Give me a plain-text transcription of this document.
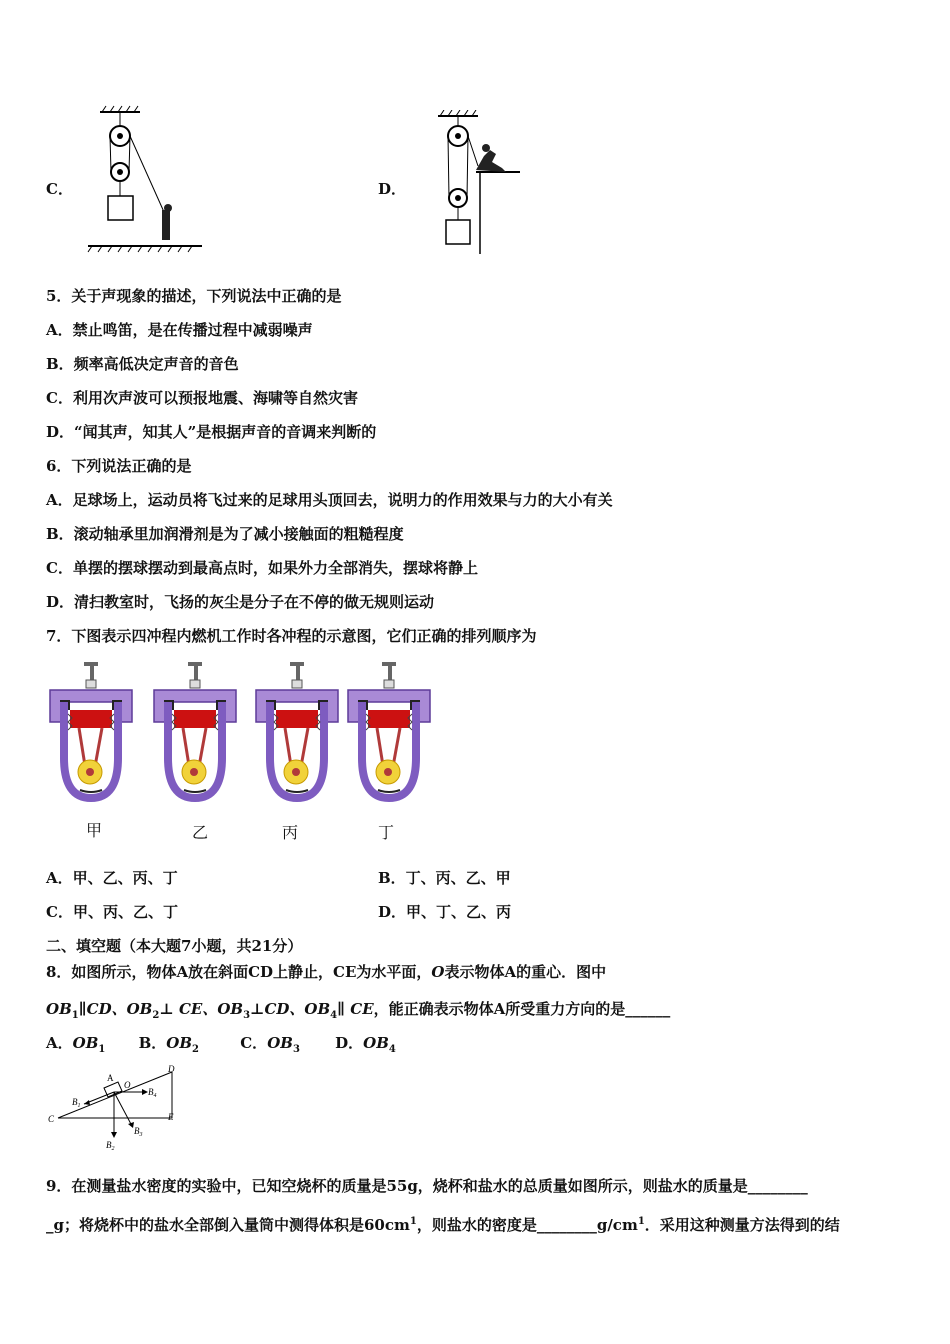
C．	D．
5．关于声现象的描述，下列说法中正确的是
A．禁止鸣笛，是在传播过程中减弱噪声
B．频率高低决定声音的音色
C．利用次声波可以预报地震、海啸等自然灾害
D．“闻其声，知其人”是根据声音的音调来判断的
6．下列说法正确的是
A．足球场上，运动员将飞过来的足球用头顶回去，说明力的作用效果与力的大小有关
B．滚动轴承里加润滑剂是为了减小接触面的粗糙程度
C．单摆的摆球摆动到最高点时，如果外力全部消失，摆球将静上
D．清扫教室时，飞扬的灰尘是分子在不停的做无规则运动
7．下图表示四冲程内燃机工作时各冲程的示意图，它们正确的排列顺序为
甲	乙	丙	丁
A．甲、乙、丙、丁	B．丁、丙、乙、甲
C．甲、丙、乙、丁	D．甲、丁、乙、丙
二、填空题（本大题7小题，共21分）
8．如图所示，物体A放在斜面CD上静止，CE为水平面，O表示物体A的重心．图中
$OB_1\parallel CD$、$OB_2\perp$ CE、$OB_3\perp CD$、$OB_4\parallel$ CE，能正确表示物体A所受重力方向的是______
A．$OB_1$ B．$OB_2$	C．$OB_3$ D．$OB_4$
C
D
E
A
O
$B_1$
$B_2$
$B_3$
$B_4$
9．在测量盐水密度的实验中，已知空烧杯的质量是55g，烧杯和盐水的总质量如图所示，则盐水的质量是________
_g；将烧杯中的盐水全部倒入量筒中测得体积是$60cm^1$，则盐水的密度是$\_\_\_\_\_\_\_\_g/cm^1$．采用这种测量方法得到的结
